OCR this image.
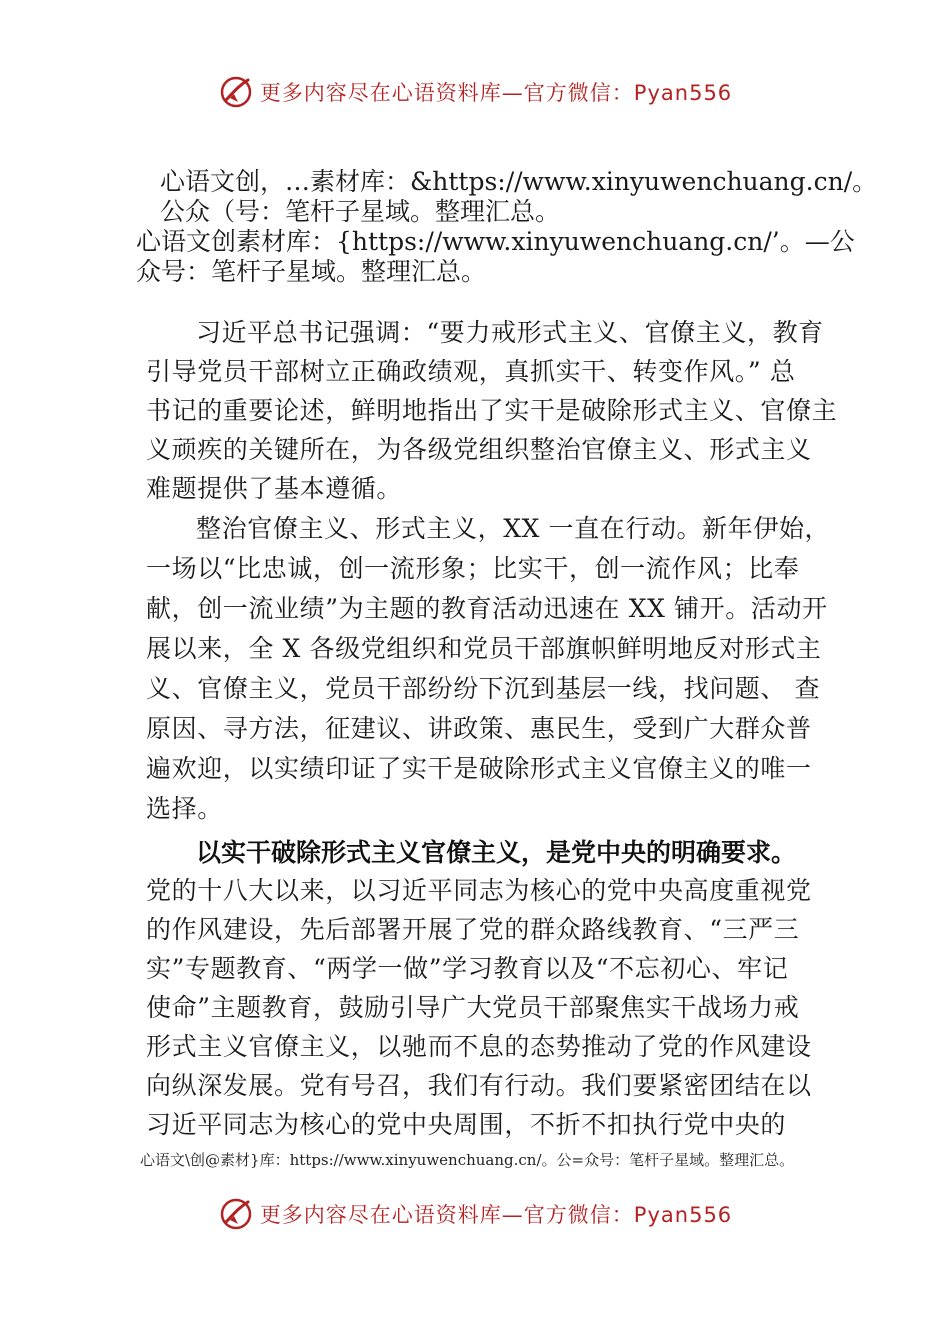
更多内容尽在心语资料库—官方微信：Pyan556
心语文创，…素材库：&https://www.xinyuwenchuang.cn/。
公众（号：笔杆子星域。整理汇总。
心语文创素材库：{https://www.xinyuwenchuang.cn/’。—公
众号：笔杆子星域。整理汇总。
习近平总书记强调：“要力戒形式主义、官僚主义，教育
引导党员干部树立正确政绩观，真抓实干、转变作风。” 总
书记的重要论述，鲜明地指出了实干是破除形式主义、官僚主
义顽疾的关键所在，为各级党组织整治官僚主义、形式主义
难题提供了基本遵循。
整治官僚主义、形式主义，XX 一直在行动。新年伊始，
一场以“比忠诚，创一流形象；比实干，创一流作风；比奉
献，创一流业绩”为主题的教育活动迅速在 XX 铺开。活动开
展以来，全 X 各级党组织和党员干部旗帜鲜明地反对形式主
义、官僚主义，党员干部纷纷下沉到基层一线，找问题、 查
原因、寻方法，征建议、讲政策、惠民生，受到广大群众普
遍欢迎，以实绩印证了实干是破除形式主义官僚主义的唯一
选择。
以实干破除形式主义官僚主义，是党中央的明确要求。
党的十八大以来，以习近平同志为核心的党中央高度重视党
的作风建设，先后部署开展了党的群众路线教育、“三严三
实”专题教育、“两学一做”学习教育以及“不忘初心、牢记
使命”主题教育，鼓励引导广大党员干部聚焦实干战场力戒
形式主义官僚主义，以驰而不息的态势推动了党的作风建设
向纵深发展。党有号召，我们有行动。我们要紧密团结在以
习近平同志为核心的党中央周围，不折不扣执行党中央的
心语文\创@素材}库：https://www.xinyuwenchuang.cn/。公=众号：笔杆子星域。整理汇总。
更多内容尽在心语资料库—官方微信：Pyan556
